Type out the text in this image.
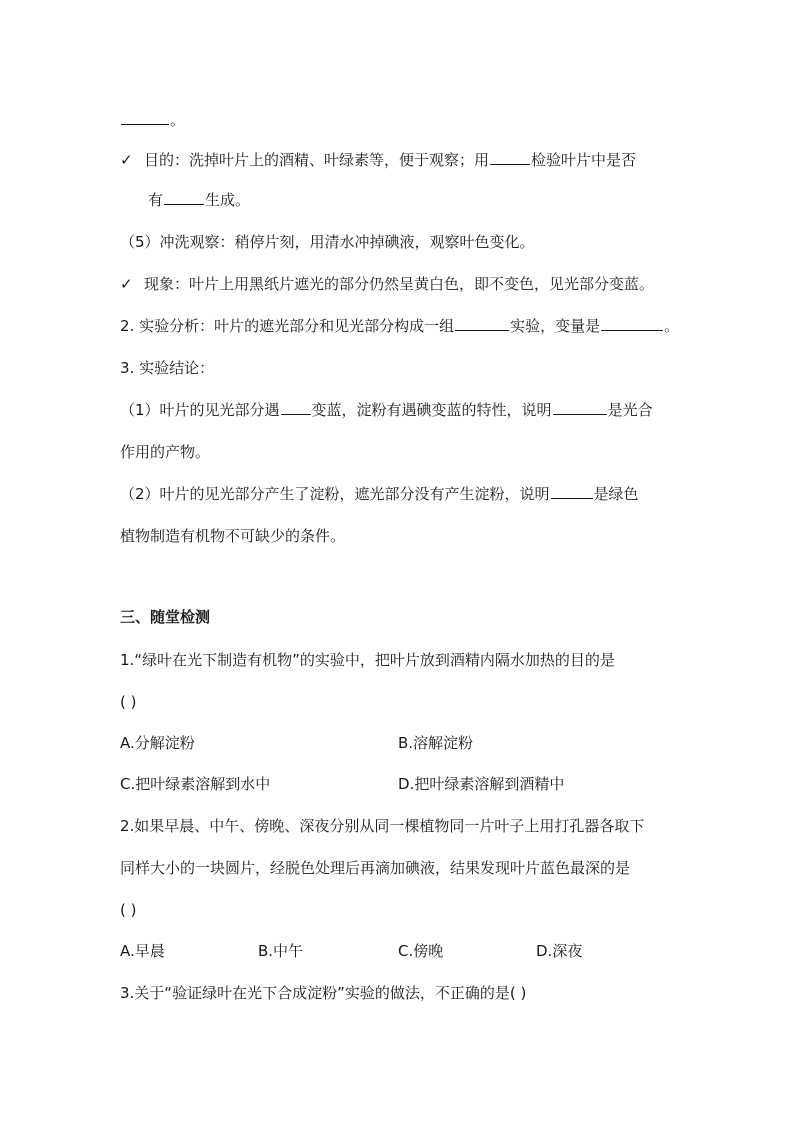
。
✓ 目的：洗掉叶片上的酒精、叶绿素等，便于观察；用	检验叶片中是否
有	生成。
（5）冲洗观察：稍停片刻，用清水冲掉碘液，观察叶色变化。
✓ 现象：叶片上用黑纸片遮光的部分仍然呈黄白色，即不变色，见光部分变蓝。
2. 实验分析：叶片的遮光部分和见光部分构成一组	实验，变量是	。
3. 实验结论：
（1）叶片的见光部分遇 变蓝，淀粉有遇碘变蓝的特性，说明	是光合
作用的产物。
（2）叶片的见光部分产生了淀粉，遮光部分没有产生淀粉，说明	是绿色
植物制造有机物不可缺少的条件。
三、随堂检测
1.“绿叶在光下制造有机物”的实验中，把叶片放到酒精内隔水加热的目的是
( )
A.分解淀粉	B.溶解淀粉
C.把叶绿素溶解到水中	D.把叶绿素溶解到酒精中
2.如果早晨、中午、傍晚、深夜分别从同一棵植物同一片叶子上用打孔器各取下
同样大小的一块圆片，经脱色处理后再滴加碘液，结果发现叶片蓝色最深的是
( )
A.早晨	B.中午	C.傍晚	D.深夜
3.关于“验证绿叶在光下合成淀粉”实验的做法，不正确的是( )
